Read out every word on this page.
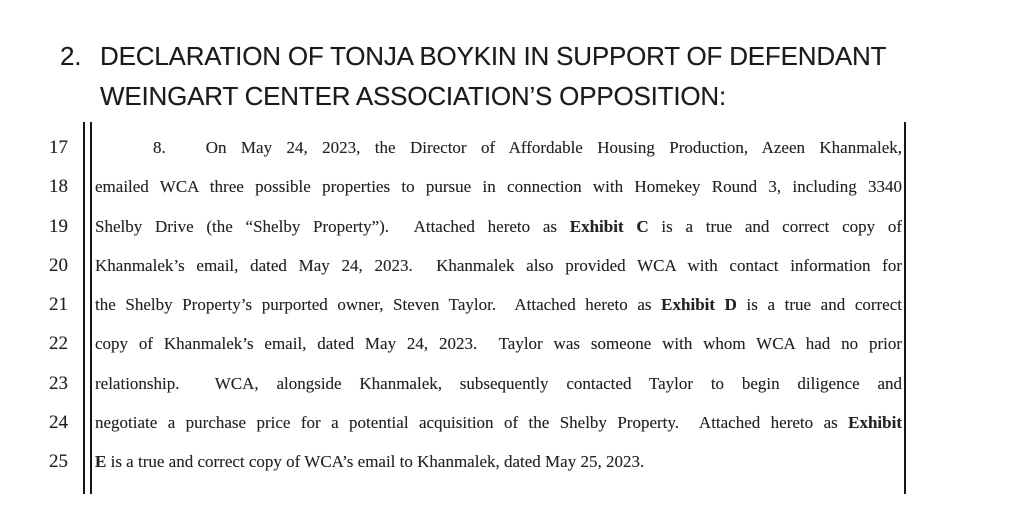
2. DECLARATION OF TONJA BOYKIN IN SUPPORT OF DEFENDANT
WEINGART CENTER ASSOCIATION’S OPPOSITION:
17
18
19
20
21
22
23
24
25
8. On May 24, 2023, the Director of Affordable Housing Production, Azeen Khanmalek,
emailed WCA three possible properties to pursue in connection with Homekey Round 3, including 3340
Shelby Drive (the “Shelby Property”).  Attached hereto as Exhibit C is a true and correct copy of
Khanmalek’s email, dated May 24, 2023.  Khanmalek also provided WCA with contact information for
the Shelby Property’s purported owner, Steven Taylor.  Attached hereto as Exhibit D is a true and correct
copy of Khanmalek’s email, dated May 24, 2023.  Taylor was someone with whom WCA had no prior
relationship.  WCA, alongside Khanmalek, subsequently contacted Taylor to begin diligence and
negotiate a purchase price for a potential acquisition of the Shelby Property.  Attached hereto as Exhibit
E is a true and correct copy of WCA’s email to Khanmalek, dated May 25, 2023.
